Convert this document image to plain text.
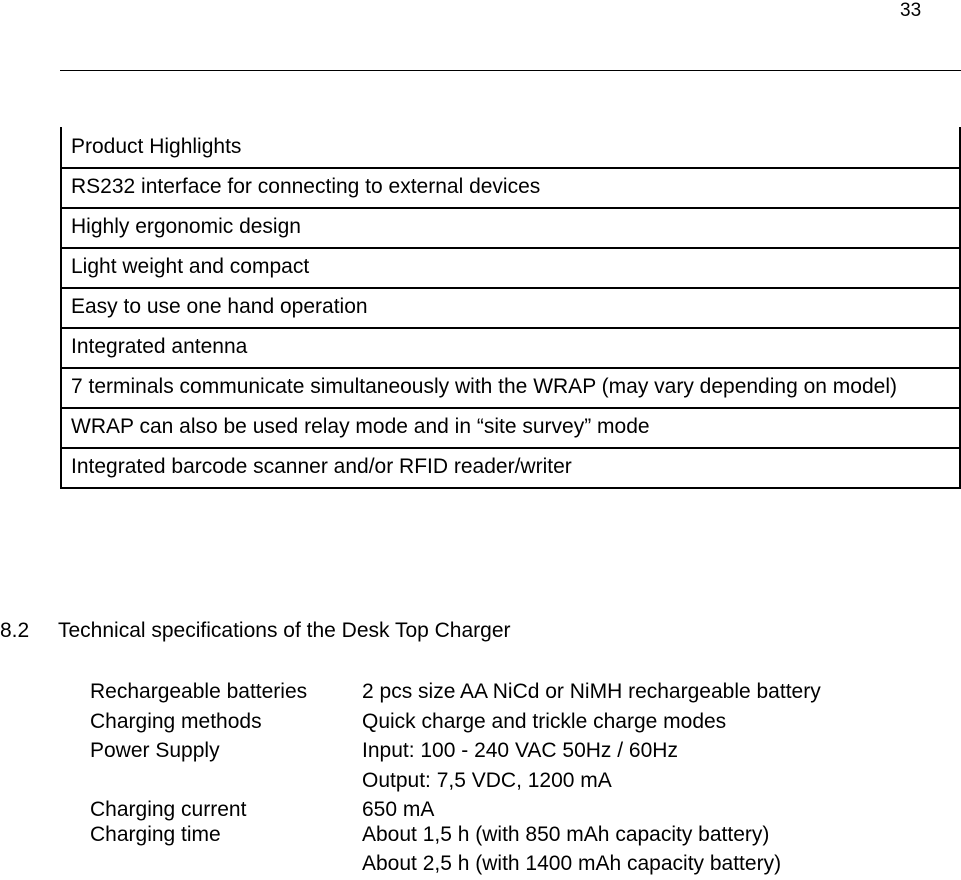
33
Product Highlights
RS232 interface for connecting to external devices
Highly ergonomic design
Light weight and compact
Easy to use one hand operation
Integrated antenna
7 terminals communicate simultaneously with the WRAP (may vary depending on model)
WRAP can also be used relay mode and in “site survey” mode
Integrated barcode scanner and/or RFID reader/writer
8.2 Technical specifications of the Desk Top Charger
Rechargeable batteries	2 pcs size AA NiCd or NiMH rechargeable battery
Charging methods	Quick charge and trickle charge modes
Power Supply	Input: 100 - 240 VAC 50Hz / 60Hz
Output: 7,5 VDC, 1200 mA
Charging current	650 mA
Charging time	About 1,5 h (with 850 mAh capacity battery)
About 2,5 h (with 1400 mAh capacity battery)
